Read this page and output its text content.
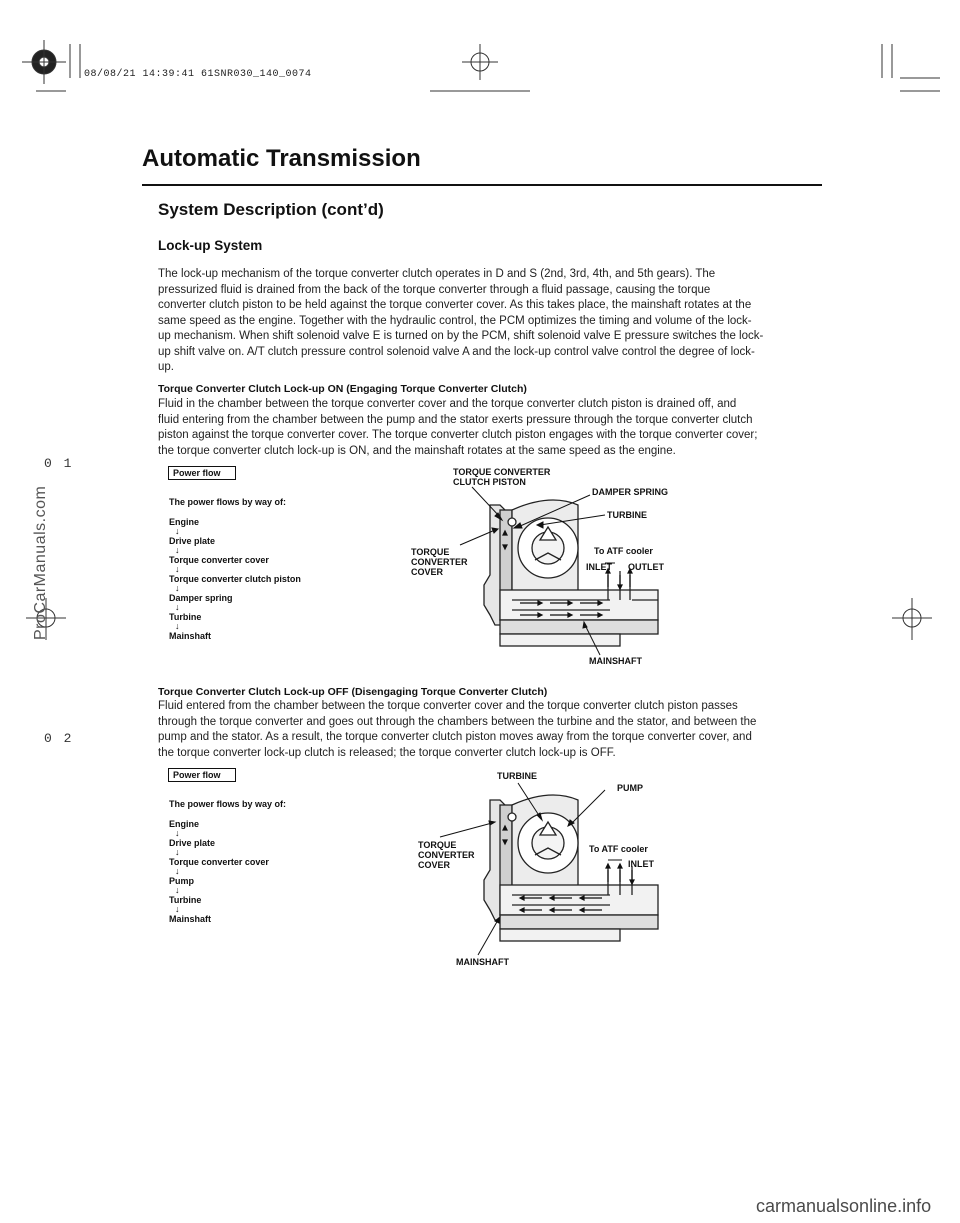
08/08/21 14:39:41 61SNR030_140_0074
ProCarManuals.com
0 1
0 2
Automatic Transmission
System Description (cont’d)
Lock-up System
The lock-up mechanism of the torque converter clutch operates in D and S (2nd, 3rd, 4th, and 5th gears). The
pressurized fluid is drained from the back of the torque converter through a fluid passage, causing the torque
converter clutch piston to be held against the torque converter cover. As this takes place, the mainshaft rotates at the
same speed as the engine. Together with the hydraulic control, the PCM optimizes the timing and volume of the lock-
up mechanism. When shift solenoid valve E is turned on by the PCM, shift solenoid valve E pressure switches the lock-
up shift valve on. A/T clutch pressure control solenoid valve A and the lock-up control valve control the degree of lock-
up.
Torque Converter Clutch Lock-up ON (Engaging Torque Converter Clutch)
Fluid in the chamber between the torque converter cover and the torque converter clutch piston is drained off, and
fluid entering from the chamber between the pump and the stator exerts pressure through the torque converter clutch
piston against the torque converter cover. The torque converter clutch piston engages with the torque converter cover;
the torque converter clutch lock-up is ON, and the mainshaft rotates at the same speed as the engine.
Power flow
The power flows by way of:
Engine
↓
Drive plate
↓
Torque converter cover
↓
Torque converter clutch piston
↓
Damper spring
↓
Turbine
↓
Mainshaft
TORQUE CONVERTER
CLUTCH PISTON
DAMPER SPRING
TURBINE
TORQUE
CONVERTER
COVER
To ATF cooler
INLET OUTLET
MAINSHAFT
Torque Converter Clutch Lock-up OFF (Disengaging Torque Converter Clutch)
Fluid entered from the chamber between the torque converter cover and the torque converter clutch piston passes
through the torque converter and goes out through the chambers between the turbine and the stator, and between the
pump and the stator. As a result, the torque converter clutch piston moves away from the torque converter cover, and
the torque converter lock-up clutch is released; the torque converter clutch lock-up is OFF.
Power flow
The power flows by way of:
Engine
↓
Drive plate
↓
Torque converter cover
↓
Pump
↓
Turbine
↓
Mainshaft
TURBINE
PUMP
TORQUE
CONVERTER
COVER
To ATF cooler
INLET
MAINSHAFT
carmanualsonline.info
